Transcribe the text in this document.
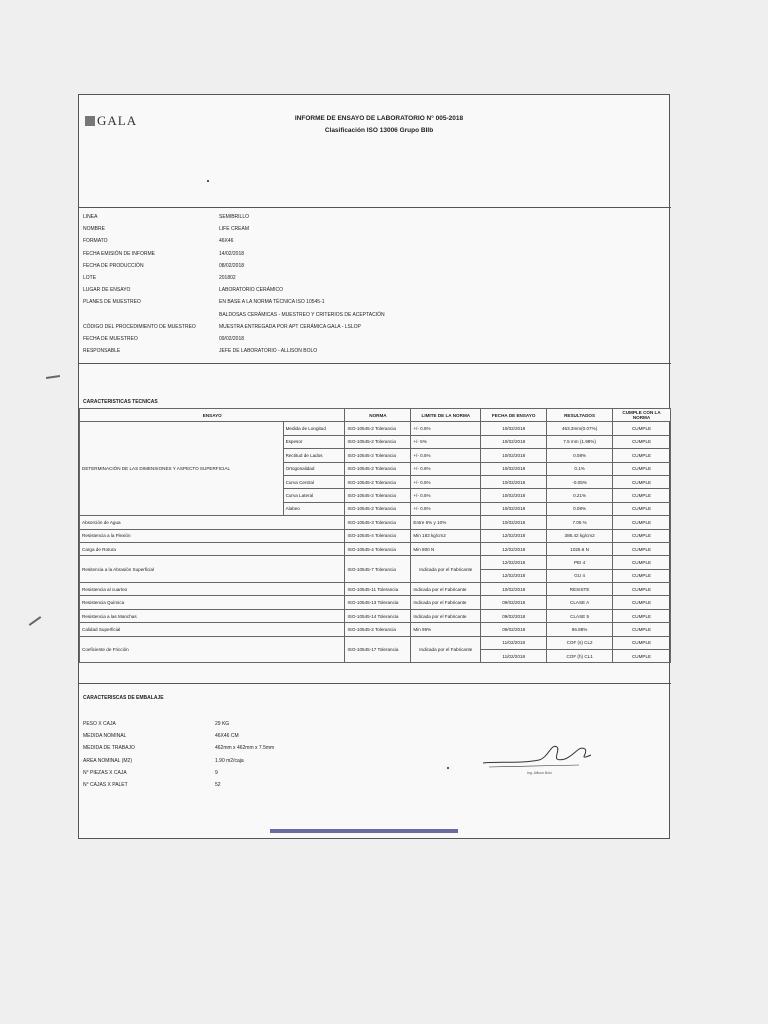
GALA	INFORME DE ENSAYO DE LABORATORIO N° 005-2018
Clasificación ISO 13006 Grupo BIIb
LINEA	SEMIBRILLO
NOMBRE	LIFE CREAM
FORMATO	46X46
FECHA EMISIÓN DE INFORME	14/02/2018
FECHA DE PRODUCCIÓN	08/02/2018
LOTE	201802
LUGAR DE ENSAYO	LABORATORIO CERÁMICO
PLANES DE MUESTREO	EN BASE A LA NORMA TÉCNICA ISO 10545-1
BALDOSAS CERÁMICAS - MUESTREO Y CRITERIOS DE ACEPTACIÓN
CÓDIGO DEL PROCEDIMIENTO DE MUESTREO	MUESTRA ENTREGADA POR APT CERÁMICA GALA - LSLOP
FECHA DE MUESTREO	09/02/2018
RESPONSABLE	JEFE DE LABORATORIO - ALLISON BOLO
CARACTERISTICAS TECNICAS
ENSAYO		NORMA	LIMITE DE LA NORMA	FECHA DE ENSAYO	RESULTADOS	CUMPLE CON LA NORMA
DETERMINACIÓN DE LAS DIMENSIONES Y ASPECTO SUPERFICIAL	Medida de Longitud	ISO-10545-2 Tolerancia	+/- 0.5%	10/02/2018	463.3mm(0.07%)	CUMPLE
	Espesor	ISO-10545-2 Tolerancia	+/- 5%	10/02/2018	7.5 mm (1.98%)	CUMPLE
	Rectitud de Lados	ISO-10545-2 Tolerancia	+/- 0.5%	10/02/2018	0.08%	CUMPLE
	Ortogonalidad	ISO-10545-2 Tolerancia	+/- 0.6%	10/02/2018	0.1%	CUMPLE
	Curva Central	ISO-10545-2 Tolerancia	+/- 0.5%	10/02/2018	-0.05%	CUMPLE
	Curva Lateral	ISO-10545-2 Tolerancia	+/- 0.5%	10/02/2018	0.21%	CUMPLE
	Alabeo	ISO-10545-2 Tolerancia	+/- 0.5%	10/02/2018	0.08%	CUMPLE
Absorción de Agua		ISO-10545-3 Tolerancia	Entre 6% y 10%	10/02/2018	7.05 %	CUMPLE
Resistencia a la Flexión		ISO-10545-4 Tolerancia	Min 183 kg/cm2	12/02/2018	386.42 kg/cm2	CUMPLE
Carga de Rotura		ISO-10545-4 Tolerancia	Min 800 N	12/02/2018	1025.6 N	CUMPLE
Resitencia a la Abrasión Superficial		ISO-10545-7 Tolerancia	Indicada por el Fabricante	12/02/2018	PEI 4	CUMPLE
				12/02/2018	GU 4	CUMPLE
Resistencia al cuarteo		ISO-10545-11 Tolerancia	Indicada por el Fabricante	10/02/2018	RESISTE	CUMPLE
Resistencia Química		ISO-10545-13 Tolerancia	Indicada por el Fabricante	09/02/2018	CLASE A	CUMPLE
Resistencia a las Manchas		ISO-10545-14 Tolerancia	Indicada por el Fabricante	09/02/2018	CLASE 5	CUMPLE
Calidad Superficial		ISO-10545-2 Tolerancia	Min 95%	09/02/2018	96.88%	CUMPLE
Coeficiente de Fricción		ISO-10545-17 Tolerancia	Indicada por el Fabricante	11/02/2018	COF (s) CL2	CUMPLE
				11/02/2018	COF (h) CL1	CUMPLE
CARACTERISCAS DE EMBALAJE
PESO X CAJA	29 KG
MEDIDA NOMINAL	46X46 CM
MEDIDA DE TRABAJO	462mm x 462mm x 7.5mm
AREA NOMINAL (M2)	1.90 m2/caja
N° PIEZAS X CAJA	9
N° CAJAS X PALET	52
Ing. Allison Bolo
